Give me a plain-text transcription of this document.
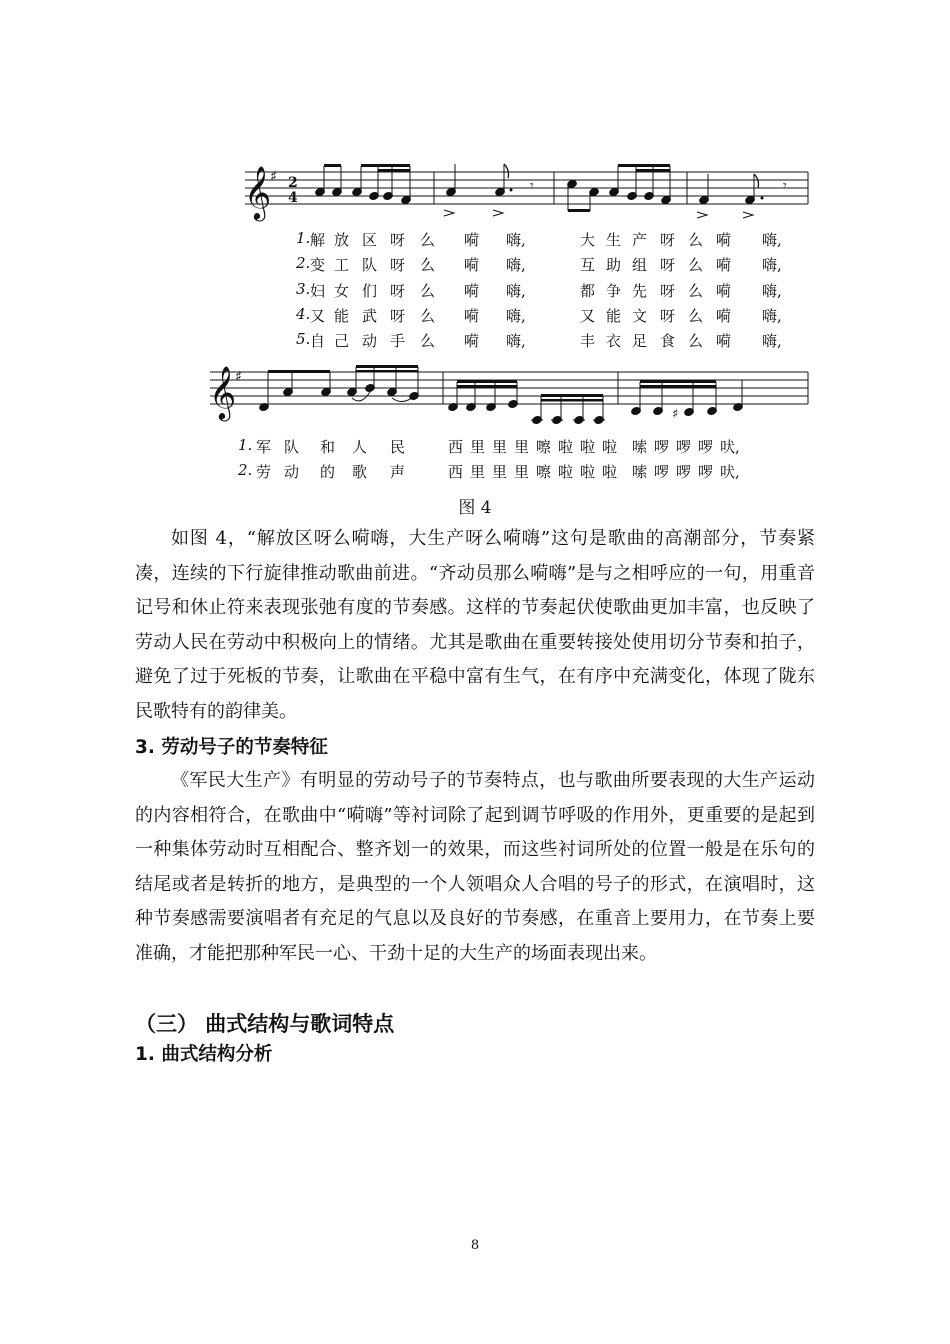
𝄞
♯ 2
4
𝄞
♯
𝄾	𝄾
♯
1. 解 放 区 呀 么 嗬 嗨,	大 生 产 呀 么 嗬 嗨,
2. 变 工 队 呀 么 嗬 嗨,	互 助 组 呀 么 嗬 嗨,
3. 妇 女 们 呀 么 嗬 嗨,	都 争 先 呀 么 嗬 嗨,
4. 又 能 武 呀 么 嗬 嗨,	又 能 文 呀 么 嗬 嗨,
5. 自 己 动 手 么 嗬 嗨,	丰 衣 足 食 么 嗬 嗨,
1. 军 队 和 人 民	西 里 里 里 嚓 啦 啦 啦 嗦 啰 啰 啰 吠,
2. 劳 动 的 歌 声	西 里 里 里 嚓 啦 啦 啦 嗦 啰 啰 啰 吠,
图 4

如图 4，“解放区呀么嗬嗨，大生产呀么嗬嗨”这句是歌曲的高潮部分，节奏紧凑，连续的下行旋律推动歌曲前进。“齐动员那么嗬嗨”是与之相呼应的一句，用重音记号和休止符来表现张弛有度的节奏感。这样的节奏起伏使歌曲更加丰富，也反映了劳动人民在劳动中积极向上的情绪。尤其是歌曲在重要转接处使用切分节奏和拍子，避免了过于死板的节奏，让歌曲在平稳中富有生气，在有序中充满变化，体现了陇东民歌特有的韵律美。

3. 劳动号子的节奏特征

《军民大生产》有明显的劳动号子的节奏特点，也与歌曲所要表现的大生产运动的内容相符合，在歌曲中“嗬嗨”等衬词除了起到调节呼吸的作用外，更重要的是起到一种集体劳动时互相配合、整齐划一的效果，而这些衬词所处的位置一般是在乐句的结尾或者是转折的地方，是典型的一个人领唱众人合唱的号子的形式，在演唱时，这种节奏感需要演唱者有充足的气息以及良好的节奏感，在重音上要用力，在节奏上要准确，才能把那种军民一心、干劲十足的大生产的场面表现出来。

（三） 曲式结构与歌词特点
1. 曲式结构分析
8
